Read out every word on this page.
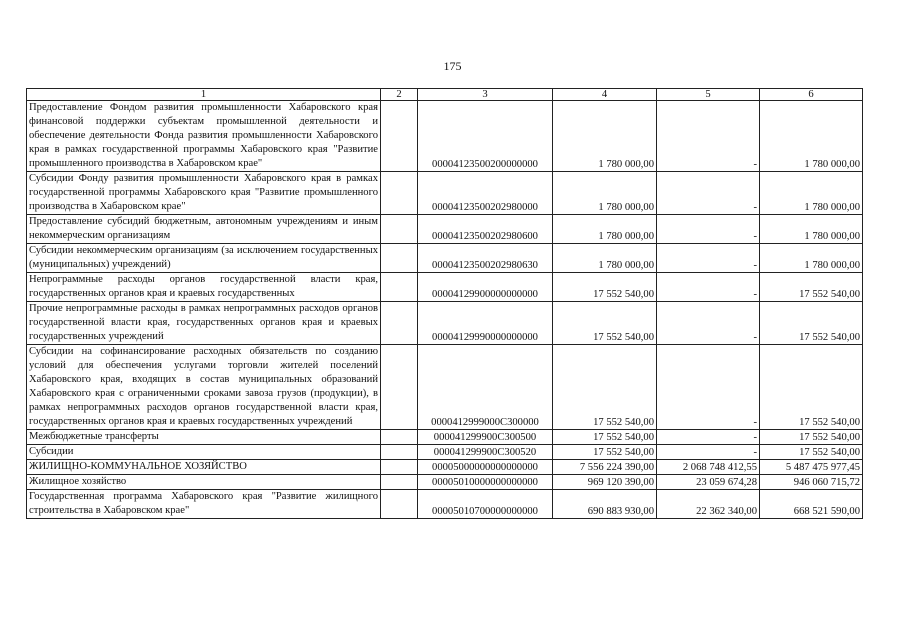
175
1	2	3	4	5	6
Предоставление Фондом развития промышленности Хабаровского края финансовой поддержки субъектам промышленной деятельности и обеспечение деятельности Фонда развития промышленности Хабаровского края в рамках государственной программы Хабаровского края "Развитие промышленного производства в Хабаровском крае"		00004123500200000000	1 780 000,00	-	1 780 000,00
Субсидии Фонду развития промышленности Хабаровского края в рамках государственной программы Хабаровского края "Развитие промышленного производства в Хабаровском крае"		00004123500202980000	1 780 000,00	-	1 780 000,00
Предоставление субсидий бюджетным, автономным учреждениям и иным некоммерческим организациям		00004123500202980600	1 780 000,00	-	1 780 000,00
Субсидии некоммерческим организациям (за исключением государственных (муниципальных) учреждений)		00004123500202980630	1 780 000,00	-	1 780 000,00
Непрограммные расходы органов государственной власти края, государственных органов края и краевых государственных		00004129900000000000	17 552 540,00	-	17 552 540,00
Прочие непрограммные расходы в рамках непрограммных расходов органов государственной власти края, государственных органов края и краевых государственных учреждений		00004129990000000000	17 552 540,00	-	17 552 540,00
Субсидии на софинансирование расходных обязательств по созданию условий для обеспечения услугами торговли жителей поселений Хабаровского края, входящих в состав муниципальных образований Хабаровского края с ограниченными сроками завоза грузов (продукции), в рамках непрограммных расходов органов государственной власти края, государственных органов края и краевых государственных учреждений		0000412999000С300000	17 552 540,00	-	17 552 540,00
Межбюджетные трансферты		000041299900С300500	17 552 540,00	-	17 552 540,00
Субсидии		000041299900С300520	17 552 540,00	-	17 552 540,00
ЖИЛИЩНО-КОММУНАЛЬНОЕ ХОЗЯЙСТВО		00005000000000000000	7 556 224 390,00	2 068 748 412,55	5 487 475 977,45
Жилищное хозяйство		00005010000000000000	969 120 390,00	23 059 674,28	946 060 715,72
Государственная программа Хабаровского края "Развитие жилищного строительства в Хабаровском крае"		00005010700000000000	690 883 930,00	22 362 340,00	668 521 590,00
